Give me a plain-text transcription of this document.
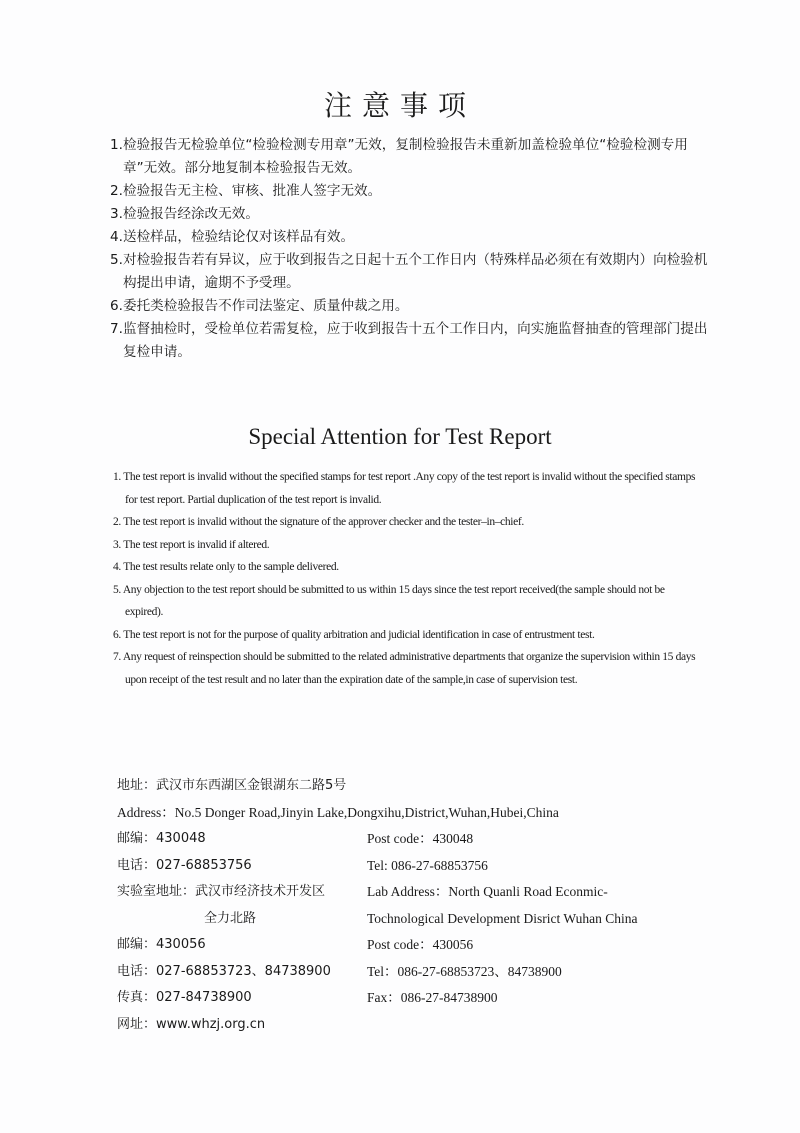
注意事项
1.检验报告无检验单位“检验检测专用章”无效，复制检验报告未重新加盖检验单位“检验检测专用章”无效。部分地复制本检验报告无效。
2.检验报告无主检、审核、批准人签字无效。
3.检验报告经涂改无效。
4.送检样品，检验结论仅对该样品有效。
5.对检验报告若有异议，应于收到报告之日起十五个工作日内（特殊样品必须在有效期内）向检验机构提出申请，逾期不予受理。
6.委托类检验报告不作司法鉴定、质量仲裁之用。
7.监督抽检时，受检单位若需复检，应于收到报告十五个工作日内，向实施监督抽查的管理部门提出复检申请。
Special Attention for Test Report
1. The test report is invalid without the specified stamps for test report .Any copy of the test report is invalid without the specified stamps for test report. Partial duplication of the test report is invalid.
2. The test report is invalid without the signature of the approver checker and the tester–in–chief.
3. The test report is invalid if altered.
4. The test results relate only to the sample delivered.
5. Any objection to the test report should be submitted to us within 15 days since the test report received(the sample should not be expired).
6. The test report is not for the purpose of quality arbitration and judicial identification in case of entrustment test.
7. Any request of reinspection should be submitted to the related administrative departments that organize the supervision within 15 days upon receipt of the test result and no later than the expiration date of the sample,in case of supervision test.
地址：武汉市东西湖区金银湖东二路5号
Address：No.5 Donger Road,Jinyin Lake,Dongxihu,District,Wuhan,Hubei,China
邮编：430048	Post code：430048
电话：027-68853756	Tel: 086-27-68853756
实验室地址：武汉市经济技术开发区	Lab Address：North Quanli Road Econmic-
全力北路	Tochnological Development Disrict Wuhan China
邮编：430056	Post code：430056
电话：027-68853723、84738900	Tel：086-27-68853723、84738900
传真：027-84738900	Fax：086-27-84738900
网址：www.whzj.org.cn
